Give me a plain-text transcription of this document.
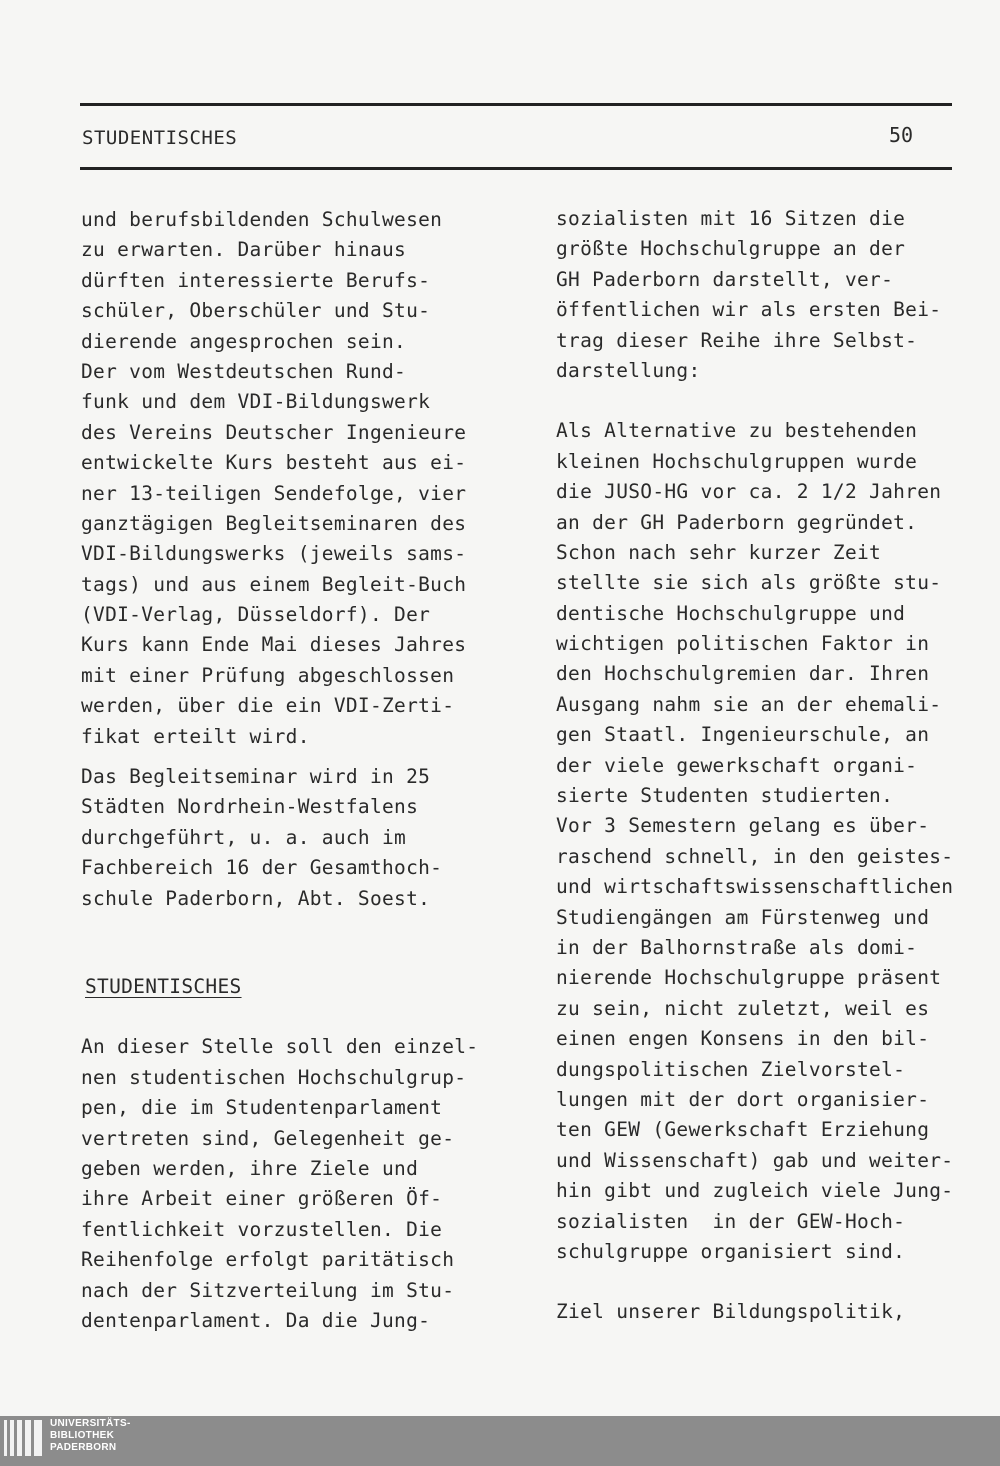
STUDENTISCHES	50
und berufsbildenden Schulwesen
zu erwarten. Darüber hinaus
dürften interessierte Berufs-
schüler, Oberschüler und Stu-
dierende angesprochen sein.
Der vom Westdeutschen Rund-
funk und dem VDI-Bildungswerk
des Vereins Deutscher Ingenieure
entwickelte Kurs besteht aus ei-
ner 13-teiligen Sendefolge, vier
ganztägigen Begleitseminaren des
VDI-Bildungswerks (jeweils sams-
tags) und aus einem Begleit-Buch
(VDI-Verlag, Düsseldorf). Der
Kurs kann Ende Mai dieses Jahres
mit einer Prüfung abgeschlossen
werden, über die ein VDI-Zerti-
fikat erteilt wird.
Das Begleitseminar wird in 25
Städten Nordrhein-Westfalens
durchgeführt, u. a. auch im
Fachbereich 16 der Gesamthoch-
schule Paderborn, Abt. Soest.
STUDENTISCHES
An dieser Stelle soll den einzel-
nen studentischen Hochschulgrup-
pen, die im Studentenparlament
vertreten sind, Gelegenheit ge-
geben werden, ihre Ziele und
ihre Arbeit einer größeren Öf-
fentlichkeit vorzustellen. Die
Reihenfolge erfolgt paritätisch
nach der Sitzverteilung im Stu-
dentenparlament. Da die Jung-
sozialisten mit 16 Sitzen die
größte Hochschulgruppe an der
GH Paderborn darstellt, ver-
öffentlichen wir als ersten Bei-
trag dieser Reihe ihre Selbst-
darstellung:
Als Alternative zu bestehenden
kleinen Hochschulgruppen wurde
die JUSO-HG vor ca. 2 1/2 Jahren
an der GH Paderborn gegründet.
Schon nach sehr kurzer Zeit
stellte sie sich als größte stu-
dentische Hochschulgruppe und
wichtigen politischen Faktor in
den Hochschulgremien dar. Ihren
Ausgang nahm sie an der ehemali-
gen Staatl. Ingenieurschule, an
der viele gewerkschaft organi-
sierte Studenten studierten.
Vor 3 Semestern gelang es über-
raschend schnell, in den geistes-
und wirtschaftswissenschaftlichen
Studiengängen am Fürstenweg und
in der Balhornstraße als domi-
nierende Hochschulgruppe präsent
zu sein, nicht zuletzt, weil es
einen engen Konsens in den bil-
dungspolitischen Zielvorstel-
lungen mit der dort organisier-
ten GEW (Gewerkschaft Erziehung
und Wissenschaft) gab und weiter-
hin gibt und zugleich viele Jung-
sozialisten  in der GEW-Hoch-
schulgruppe organisiert sind.
Ziel unserer Bildungspolitik,
UNIVERSITÄTS-
BIBLIOTHEK
PADERBORN
